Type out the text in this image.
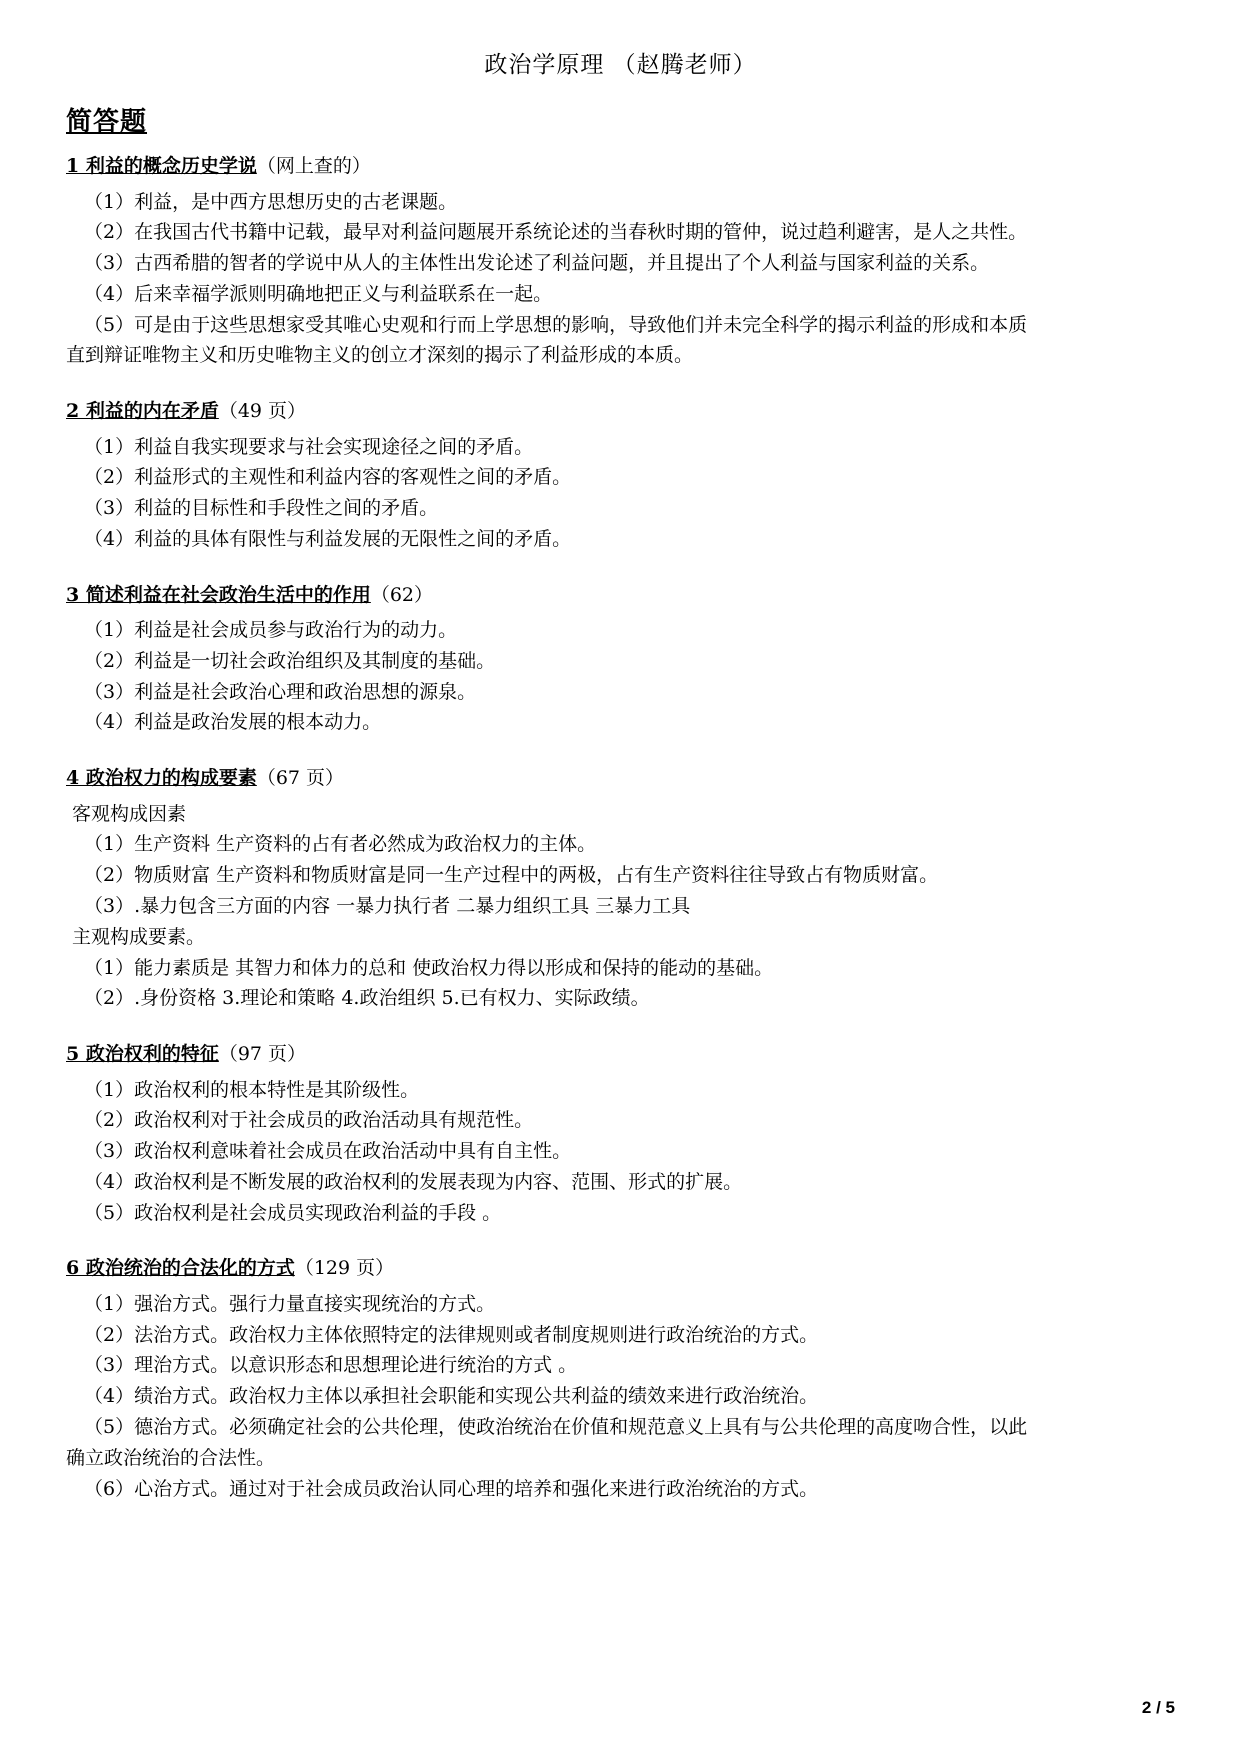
政治学原理 （赵腾老师）
简答题
1 利益的概念历史学说（网上查的）
（1）利益，是中西方思想历史的古老课题。
（2）在我国古代书籍中记载，最早对利益问题展开系统论述的当春秋时期的管仲，说过趋利避害，是人之共性。
（3）古西希腊的智者的学说中从人的主体性出发论述了利益问题，并且提出了个人利益与国家利益的关系。
（4）后来幸福学派则明确地把正义与利益联系在一起。
（5）可是由于这些思想家受其唯心史观和行而上学思想的影响，导致他们并未完全科学的揭示利益的形成和本质
直到辩证唯物主义和历史唯物主义的创立才深刻的揭示了利益形成的本质。
2 利益的内在矛盾（49 页）
（1）利益自我实现要求与社会实现途径之间的矛盾。
（2）利益形式的主观性和利益内容的客观性之间的矛盾。
（3）利益的目标性和手段性之间的矛盾。
（4）利益的具体有限性与利益发展的无限性之间的矛盾。
3 简述利益在社会政治生活中的作用（62）
（1）利益是社会成员参与政治行为的动力。
（2）利益是一切社会政治组织及其制度的基础。
（3）利益是社会政治心理和政治思想的源泉。
（4）利益是政治发展的根本动力。
4 政治权力的构成要素（67 页）
客观构成因素
（1）生产资料 生产资料的占有者必然成为政治权力的主体。
（2）物质财富 生产资料和物质财富是同一生产过程中的两极，占有生产资料往往导致占有物质财富。
（3）.暴力包含三方面的内容 一暴力执行者 二暴力组织工具 三暴力工具
主观构成要素。
（1）能力素质是 其智力和体力的总和 使政治权力得以形成和保持的能动的基础。
（2）.身份资格 3.理论和策略 4.政治组织 5.已有权力、实际政绩。
5 政治权利的特征（97 页）
（1）政治权利的根本特性是其阶级性。
（2）政治权利对于社会成员的政治活动具有规范性。
（3）政治权利意味着社会成员在政治活动中具有自主性。
（4）政治权利是不断发展的政治权利的发展表现为内容、范围、形式的扩展。
（5）政治权利是社会成员实现政治利益的手段 。
6 政治统治的合法化的方式（129 页）
（1）强治方式。强行力量直接实现统治的方式。
（2）法治方式。政治权力主体依照特定的法律规则或者制度规则进行政治统治的方式。
（3）理治方式。以意识形态和思想理论进行统治的方式 。
（4）绩治方式。政治权力主体以承担社会职能和实现公共利益的绩效来进行政治统治。
（5）德治方式。必须确定社会的公共伦理，使政治统治在价值和规范意义上具有与公共伦理的高度吻合性，以此
确立政治统治的合法性。
（6）心治方式。通过对于社会成员政治认同心理的培养和强化来进行政治统治的方式。
2 / 5
